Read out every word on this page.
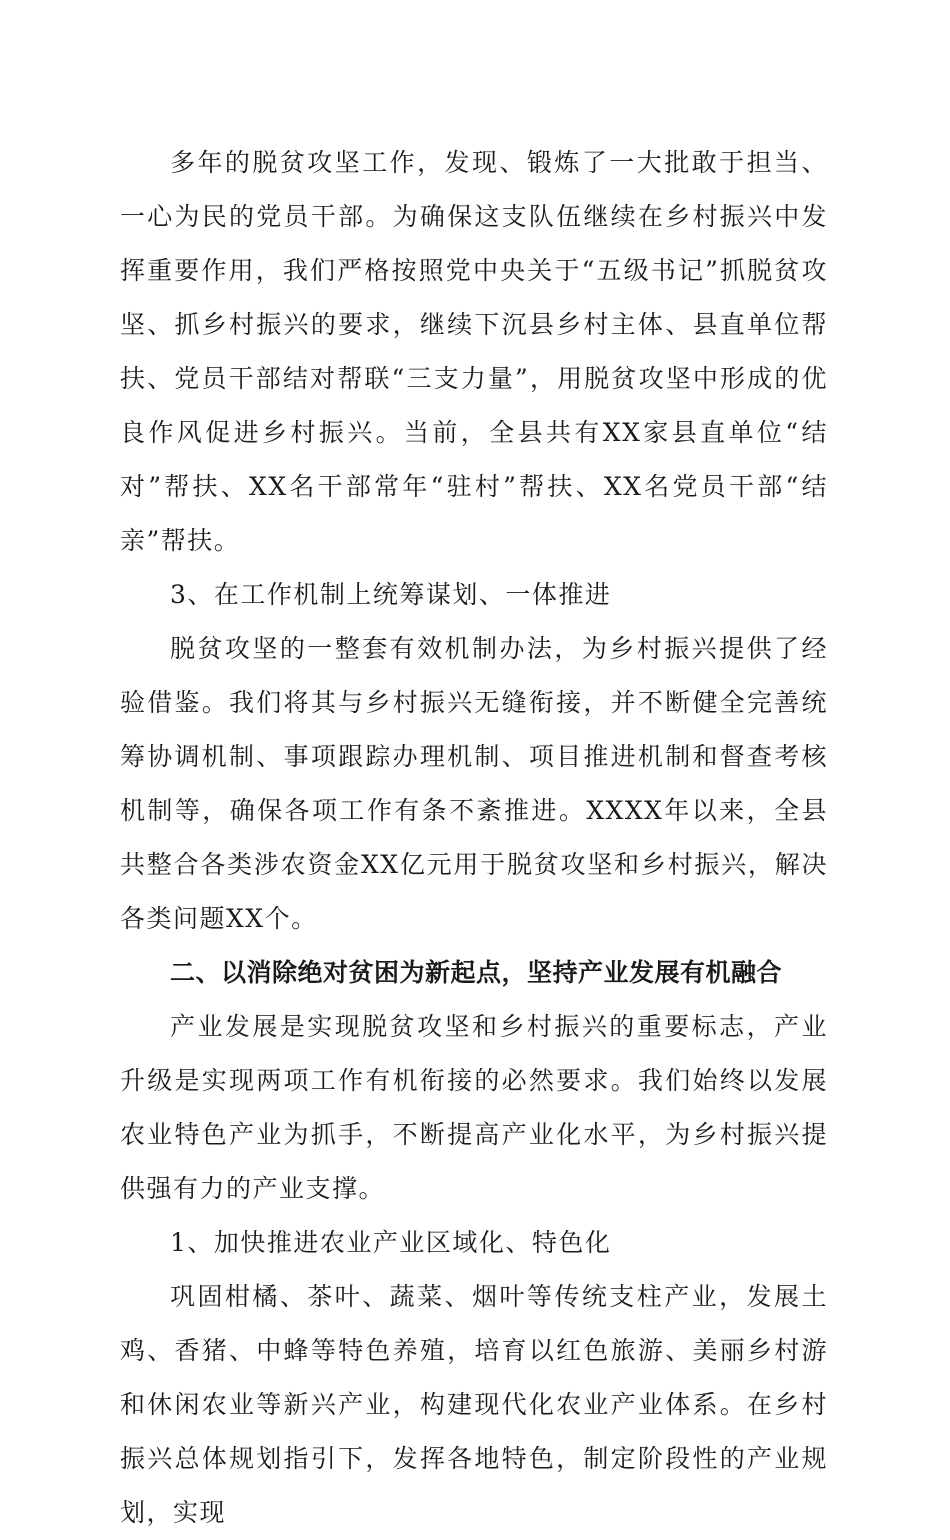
多年的脱贫攻坚工作，发现、锻炼了一大批敢于担当、一心为民的党员干部。为确保这支队伍继续在乡村振兴中发挥重要作用，我们严格按照党中央关于“五级书记”抓脱贫攻坚、抓乡村振兴的要求，继续下沉县乡村主体、县直单位帮扶、党员干部结对帮联“三支力量”，用脱贫攻坚中形成的优良作风促进乡村振兴。当前，全县共有XX家县直单位“结对”帮扶、XX名干部常年“驻村”帮扶、XX名党员干部“结亲”帮扶。

3、在工作机制上统筹谋划、一体推进

脱贫攻坚的一整套有效机制办法，为乡村振兴提供了经验借鉴。我们将其与乡村振兴无缝衔接，并不断健全完善统筹协调机制、事项跟踪办理机制、项目推进机制和督查考核机制等，确保各项工作有条不紊推进。XXXX年以来，全县共整合各类涉农资金XX亿元用于脱贫攻坚和乡村振兴，解决各类问题XX个。

二、以消除绝对贫困为新起点，坚持产业发展有机融合

产业发展是实现脱贫攻坚和乡村振兴的重要标志，产业升级是实现两项工作有机衔接的必然要求。我们始终以发展农业特色产业为抓手，不断提高产业化水平，为乡村振兴提供强有力的产业支撑。

1、加快推进农业产业区域化、特色化

巩固柑橘、茶叶、蔬菜、烟叶等传统支柱产业，发展土鸡、香猪、中蜂等特色养殖，培育以红色旅游、美丽乡村游和休闲农业等新兴产业，构建现代化农业产业体系。在乡村振兴总体规划指引下，发挥各地特色，制定阶段性的产业规划，实现
